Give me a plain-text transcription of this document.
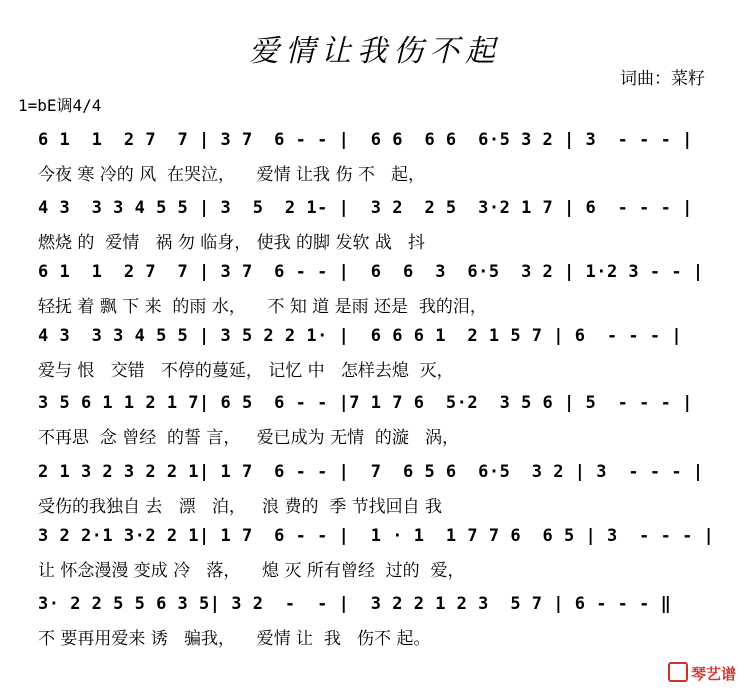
爱情让我伤不起
词曲：菜籽
1=bE调4/4
6 1  1  2 7  7 | 3 7  6 - - |  6 6  6 6  6·5 3 2 | 3  - - - |
今夜 寒 冷的 风  在哭泣，    爱情 让我 伤 不   起，
4 3  3 3 4 5 5 | 3  5  2 1- |  3 2  2 5  3·2 1 7 | 6  - - - |
燃烧 的  爱情   祸 勿 临身， 使我 的脚 发软 战   抖
6 1  1  2 7  7 | 3 7  6 - - |  6  6  3  6·5  3 2 | 1·2 3 - - |
轻抚 着 飘 下 来  的雨 水，    不 知 道 是雨 还是  我的泪，
4 3  3 3 4 5 5 | 3 5 2 2 1· |  6 6 6 1  2 1 5 7 | 6  - - - |
爱与 恨   交错   不停的蔓延， 记忆 中   怎样去熄  灭，
3 5 6 1 1 2 1 7| 6 5  6 - - |7 1 7 6  5·2  3 5 6 | 5  - - - |
不再思  念 曾经  的誓 言，   爱已成为 无情  的漩   涡，
2 1 3 2 3 2 2 1| 1 7  6 - - |  7  6 5 6  6·5  3 2 | 3  - - - |
受伤的我独自 去   漂   泊，   浪 费的  季 节找回自 我
3 2 2·1 3·2 2 1| 1 7  6 - - |  1 · 1  1 7 7 6  6 5 | 3  - - - |
让 怀念漫漫 变成 冷   落，    熄 灭 所有曾经  过的  爱，
3· 2 2 5 5 6 3 5| 3 2  -  - |  3 2 2 1 2 3  5 7 | 6 - - - ‖
不 要再用爱来 诱   骗我，    爱情 让  我   伤不 起。
琴艺谱
